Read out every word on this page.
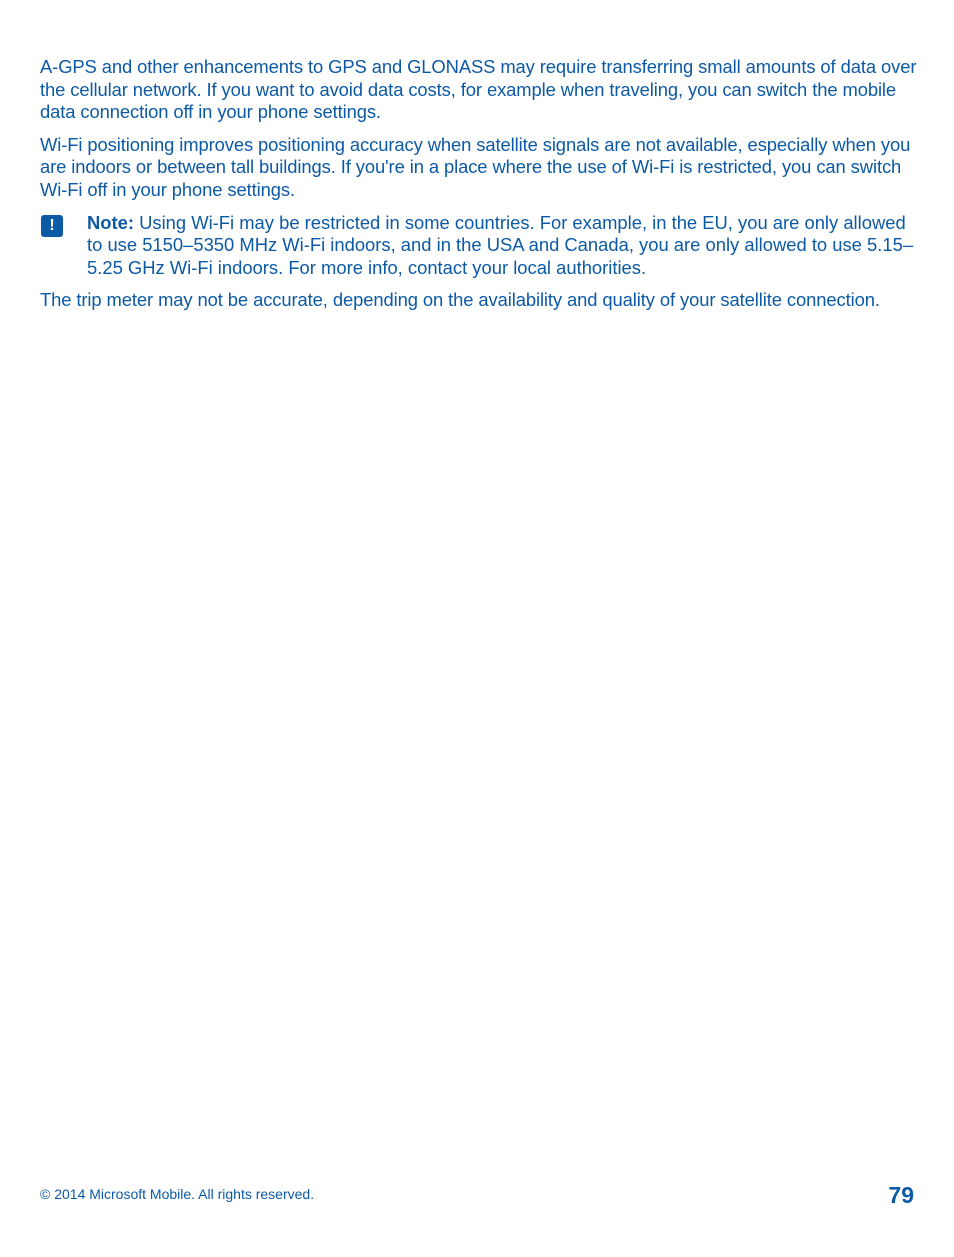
A-GPS and other enhancements to GPS and GLONASS may require transferring small amounts of data over the cellular network. If you want to avoid data costs, for example when traveling, you can switch the mobile data connection off in your phone settings.

Wi-Fi positioning improves positioning accuracy when satellite signals are not available, especially when you are indoors or between tall buildings. If you're in a place where the use of Wi-Fi is restricted, you can switch Wi-Fi off in your phone settings.

!	Note: Using Wi-Fi may be restricted in some countries. For example, in the EU, you are only allowed to use 5150–5350 MHz Wi-Fi indoors, and in the USA and Canada, you are only allowed to use 5.15–5.25 GHz Wi-Fi indoors. For more info, contact your local authorities.

The trip meter may not be accurate, depending on the availability and quality of your satellite connection.

© 2014 Microsoft Mobile. All rights reserved.	79
